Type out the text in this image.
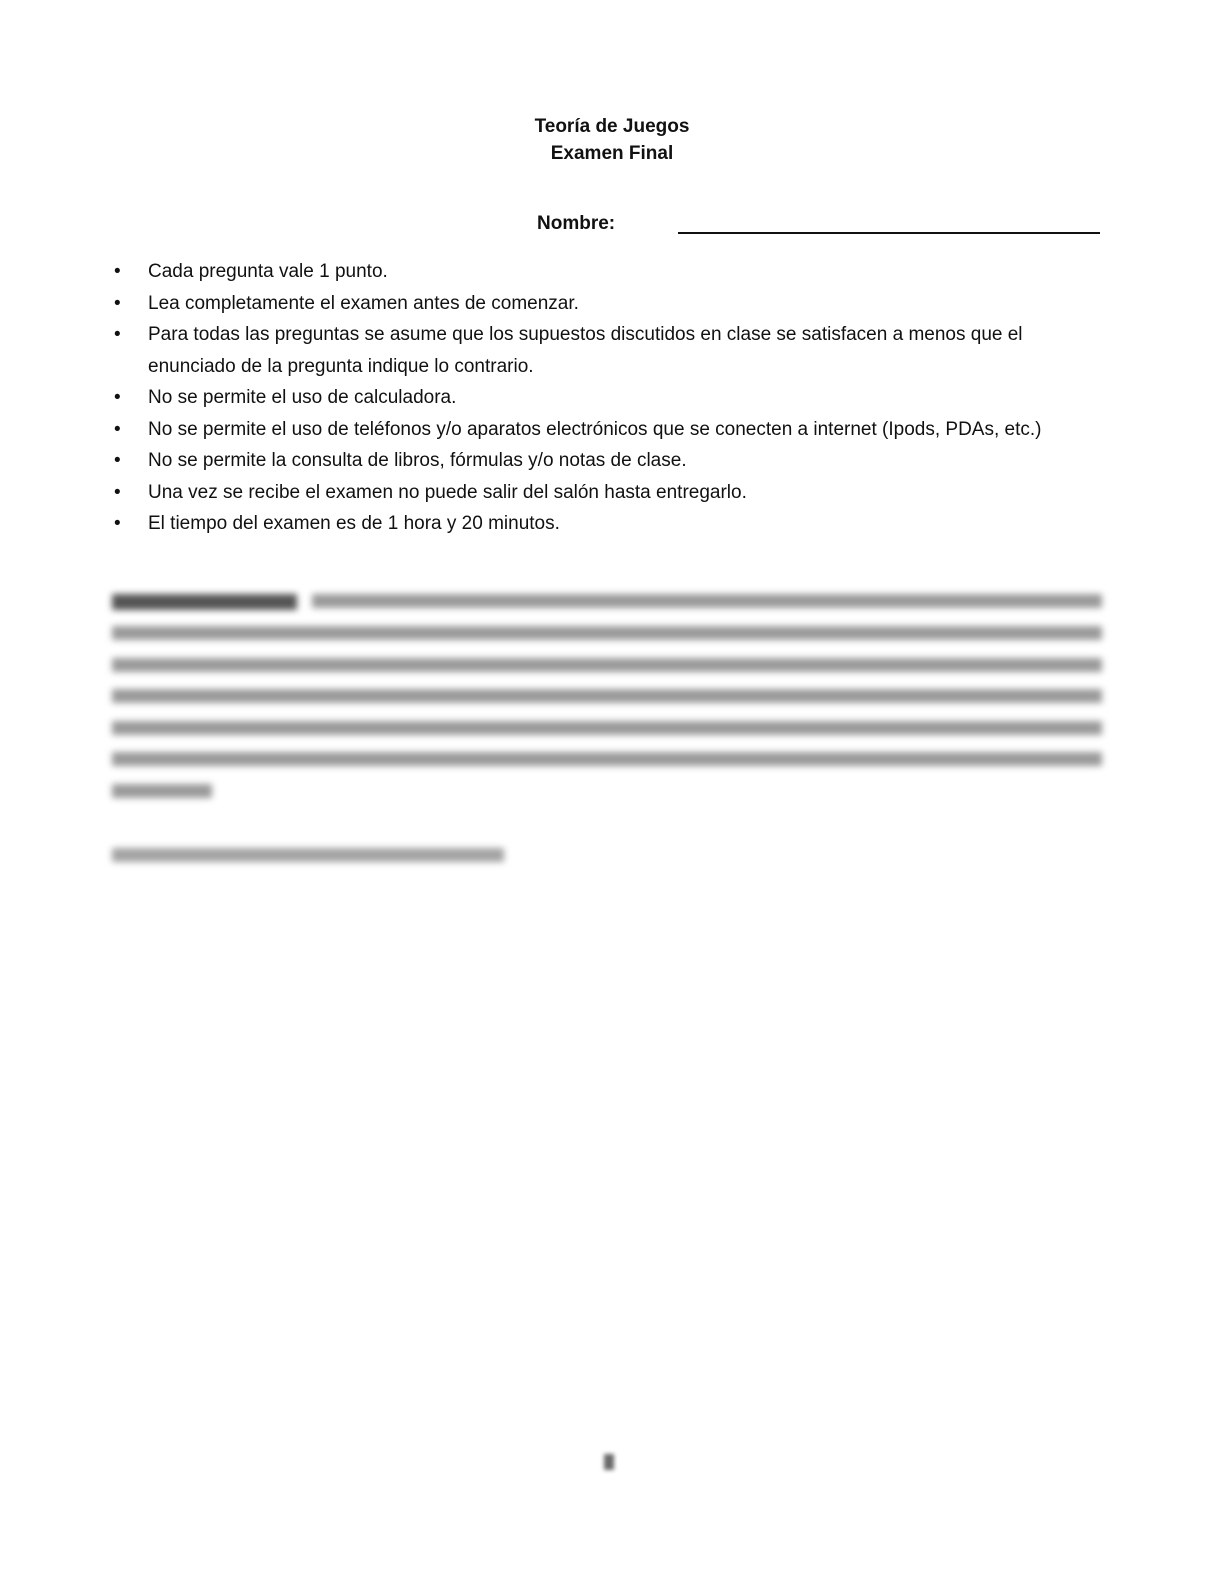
Teoría de Juegos
Examen Final
Nombre:
• Cada pregunta vale 1 punto.
• Lea completamente el examen antes de comenzar.
• Para todas las preguntas se asume que los supuestos discutidos en clase se satisfacen a menos que el enunciado de la pregunta indique lo contrario.
• No se permite el uso de calculadora.
• No se permite el uso de teléfonos y/o aparatos electrónicos que se conecten a internet (Ipods, PDAs, etc.)
• No se permite la consulta de libros, fórmulas y/o notas de clase.
• Una vez se recibe el examen no puede salir del salón hasta entregarlo.
• El tiempo del examen es de 1 hora y 20 minutos.
